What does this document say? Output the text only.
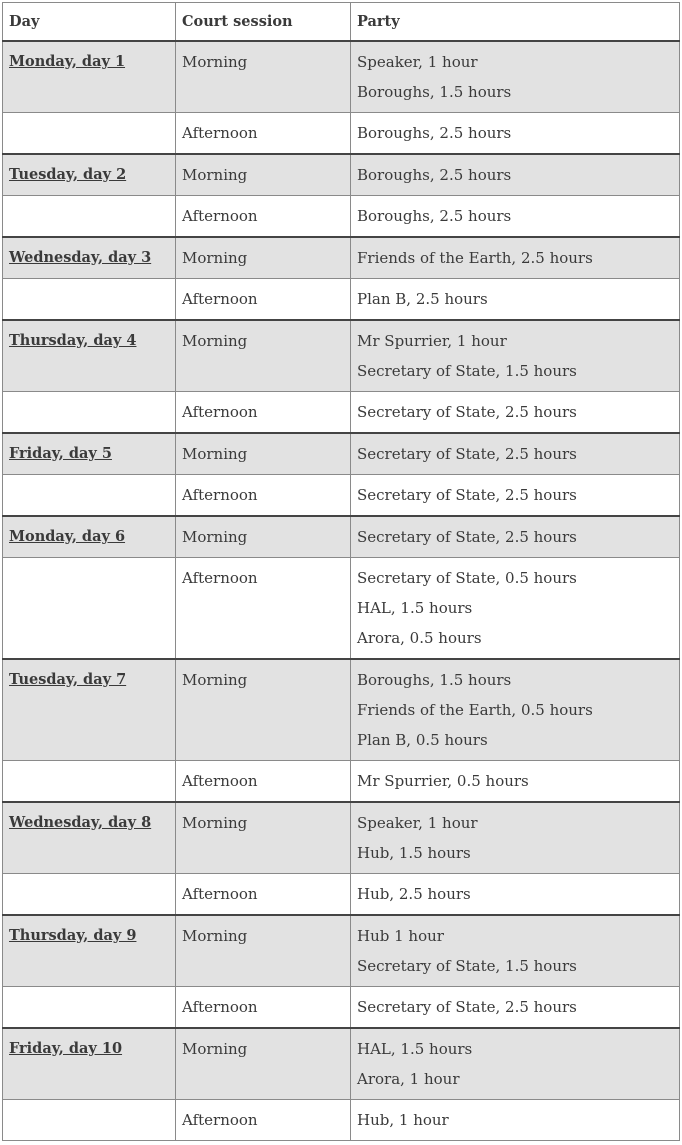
Day	Court session	Party

Monday, day 1	Morning	Speaker, 1 hour
Boroughs, 1.5 hours

	Afternoon	Boroughs, 2.5 hours

Tuesday, day 2	Morning	Boroughs, 2.5 hours

	Afternoon	Boroughs, 2.5 hours

Wednesday, day 3	Morning	Friends of the Earth, 2.5 hours

	Afternoon	Plan B, 2.5 hours

Thursday, day 4	Morning	Mr Spurrier, 1 hour
Secretary of State, 1.5 hours

	Afternoon	Secretary of State, 2.5 hours

Friday, day 5	Morning	Secretary of State, 2.5 hours

	Afternoon	Secretary of State, 2.5 hours

Monday, day 6	Morning	Secretary of State, 2.5 hours

	Afternoon	Secretary of State, 0.5 hours
HAL, 1.5 hours
Arora, 0.5 hours

Tuesday, day 7	Morning	Boroughs, 1.5 hours
Friends of the Earth, 0.5 hours
Plan B, 0.5 hours

	Afternoon	Mr Spurrier, 0.5 hours

Wednesday, day 8	Morning	Speaker, 1 hour
Hub, 1.5 hours

	Afternoon	Hub, 2.5 hours

Thursday, day 9	Morning	Hub 1 hour
Secretary of State, 1.5 hours

	Afternoon	Secretary of State, 2.5 hours

Friday, day 10	Morning	HAL, 1.5 hours
Arora, 1 hour

	Afternoon	Hub, 1 hour
